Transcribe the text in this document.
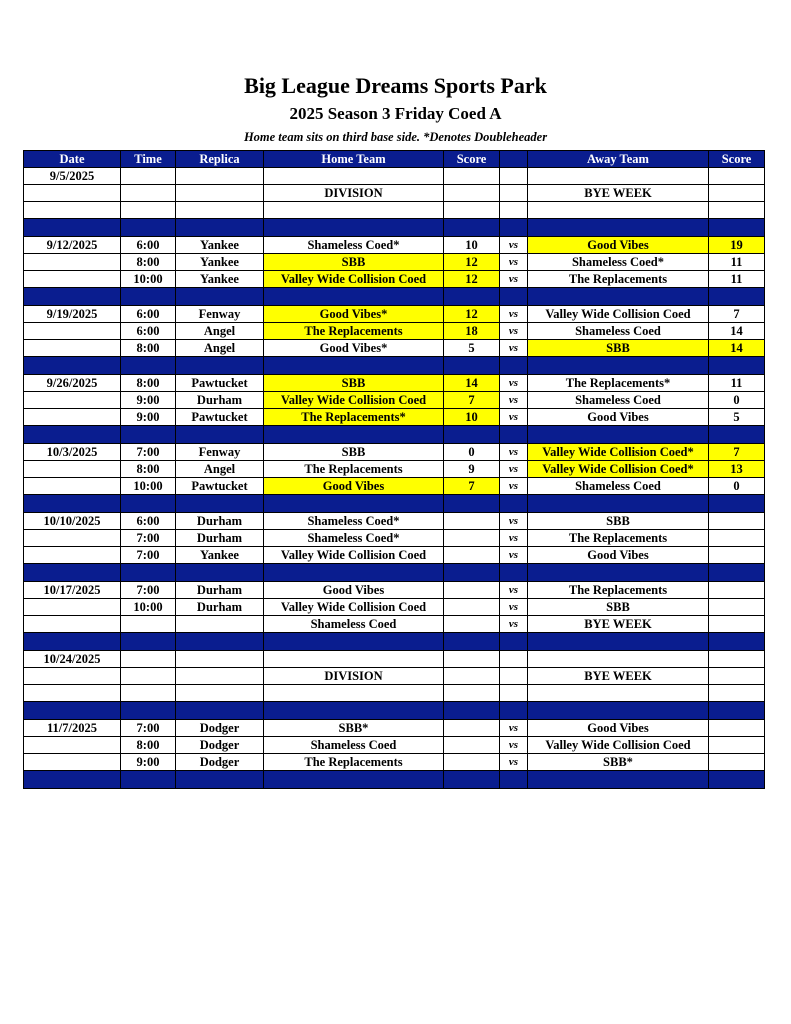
Big League Dreams Sports Park
2025 Season 3 Friday Coed A
Home team sits on third base side. *Denotes Doubleheader
Date	Time	Replica	Home Team	Score		Away Team	Score
9/5/2025							
			DIVISION			BYE WEEK	

9/12/2025	6:00	Yankee	Shameless Coed*	10	vs	Good Vibes	19
	8:00	Yankee	SBB	12	vs	Shameless Coed*	11
	10:00	Yankee	Valley Wide Collision Coed	12	vs	The Replacements	11

9/19/2025	6:00	Fenway	Good Vibes*	12	vs	Valley Wide Collision Coed	7
	6:00	Angel	The Replacements	18	vs	Shameless Coed	14
	8:00	Angel	Good Vibes*	5	vs	SBB	14

9/26/2025	8:00	Pawtucket	SBB	14	vs	The Replacements*	11
	9:00	Durham	Valley Wide Collision Coed	7	vs	Shameless Coed	0
	9:00	Pawtucket	The Replacements*	10	vs	Good Vibes	5

10/3/2025	7:00	Fenway	SBB	0	vs	Valley Wide Collision Coed*	7
	8:00	Angel	The Replacements	9	vs	Valley Wide Collision Coed*	13
	10:00	Pawtucket	Good Vibes	7	vs	Shameless Coed	0

10/10/2025	6:00	Durham	Shameless Coed*		vs	SBB	
	7:00	Durham	Shameless Coed*		vs	The Replacements	
	7:00	Yankee	Valley Wide Collision Coed		vs	Good Vibes	

10/17/2025	7:00	Durham	Good Vibes		vs	The Replacements	
	10:00	Durham	Valley Wide Collision Coed		vs	SBB	
			Shameless Coed		vs	BYE WEEK	

10/24/2025							
			DIVISION			BYE WEEK	

11/7/2025	7:00	Dodger	SBB*		vs	Good Vibes	
	8:00	Dodger	Shameless Coed		vs	Valley Wide Collision Coed	
	9:00	Dodger	The Replacements		vs	SBB*	
